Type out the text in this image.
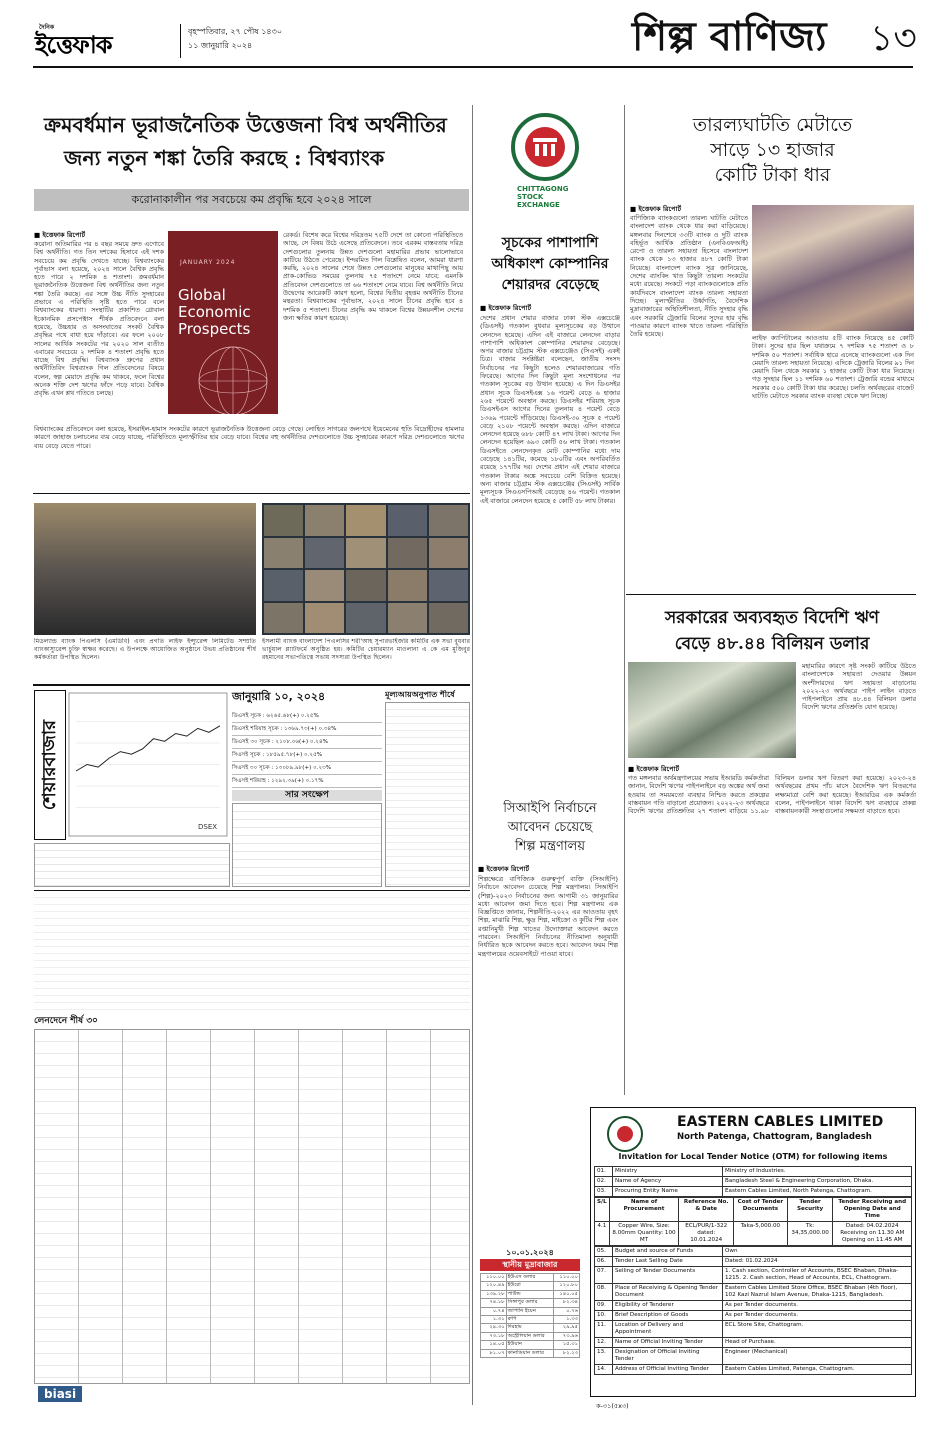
দৈনিক
ইত্তেফাক	বৃহস্পতিবার, ২৭ পৌষ ১৪৩০
১১ জানুয়ারি ২০২৪	শিল্প বাণিজ্য	১৩
ক্রমবর্ধমান ভূরাজনৈতিক উত্তেজনা বিশ্ব অর্থনীতির
জন্য নতুন শঙ্কা তৈরি করছে : বিশ্বব্যাংক
করোনাকালীন পর সবচেয়ে কম প্রবৃদ্ধি হবে ২০২৪ সালে
■ ইত্তেফাক রিপোর্ট
করোনা অতিমারির পর ৪ বছর সময়ে দ্রুত এগোবে বিশ্ব অর্থনীতি। গত তিন দশকের হিসাবে এই দশক সবচেয়ে কম প্রবৃদ্ধি দেখতে যাচ্ছে। বিশ্বব্যাংকের পূর্বাভাস বলা হয়েছে, ২০২৪ সালে বৈশ্বিক প্রবৃদ্ধি হতে পারে ২ দশমিক ৪ শতাংশ। ক্রমবর্ধমান ভূরাজনৈতিক উত্তেজনা বিশ্ব অর্থনীতির জন্য নতুন শঙ্কা তৈরি করছে। এর সঙ্গে উচ্চ নীতি সুদহারের প্রভাবে এ পরিস্থিতি সৃষ্টি হতে পারে বলে বিশ্বব্যাংকের ধারণা। সংস্থাটির প্রকাশিত গ্লোবাল ইকোনমিক প্রসপেক্টাস শীর্ষক প্রতিবেদনে বলা হয়েছে, উচ্চহার ও অসংঘাতের সংকট বৈশ্বিক প্রবৃদ্ধির পথে বাধা হয়ে দাঁড়াবে। এর ফলে ২০০৮ সালের আর্থিক সংকটের পর ২০২০ সাল ব্যতীত এবারের সবচেয়ে ২ দশমিক ৪ শতাংশ প্রবৃদ্ধি হতে যাচ্ছে বিশ্ব প্রবৃদ্ধি। বিশ্বব্যাংক গ্রুপের প্রধান অর্থনীতিবিদ বিশ্বব্যাংক গিল প্রতিবেদনের বিষয়ে বলেন, স্বল্প মেয়াদে প্রবৃদ্ধি কম থাকবে, ফলে বিশ্বের অনেক শক্তি দেশ ঋণের ফাঁদে পড়ে যাবে। বৈশ্বিক প্রবৃদ্ধি এখন শ্লথ গতিতে চলছে।
JANUARY 2024
Global
Economic
Prospects
রেকর্ড। বিশেষ করে বিশ্বের দরিদ্রতম ৭৫টি দেশে তা কোনো পরিস্থিতিতে আছে, সে বিষয় উঠে এসেছে প্রতিবেদনে। তবে এরকম বাস্তবতায় দরিদ্র দেশগুলোর তুলনায় উন্নত দেশগুলো মহামারির প্রভাব ভালোভাবে কাটিয়ে উঠতে পেরেছে। ইন্দরমিত গিল বিশ্লেষিত বলেন, আমরা ধারণা করছি, ২০২৪ সালের শেষে উন্নত দেশগুলোর মানুষের মাথাপিছু আয় প্রাক-কোভিড সময়ের তুলনায় ৭৫ শতাংশে নেমে যাবে; এমনকি প্রতিবেদন দেশগুলোতে তা ৬৬ শতাংশে নেমে যাবে। বিশ্ব অর্থনীতি নিয়ে উদ্বেগের আরেকটি কারণ হলো, বিশ্বের দ্বিতীয় বৃহত্তম অর্থনীতি চীনের মন্থরতা। বিশ্বব্যাংকের পূর্বাভাস, ২০২৪ সালে চীনের প্রবৃদ্ধি হবে ৪ দশমিক ৫ শতাংশ। চীনের প্রবৃদ্ধি কম থাকলে বিশ্বের উন্নয়নশীল দেশের জন্য ক্ষতির কারণ হয়েছে।
বিশ্বব্যাংকের প্রতিবেদনে বলা হয়েছে, ইসরাইল-হামাস সংকটের কারণে ভূরাজনৈতিক উত্তেজনা বেড়ে গেছে। লোহিত সাগরের জলপথে ইয়েমেনের হুতি বিদ্রোহীদের হামলার কারণে জাহাজ চলাচলের ব্যয় বেড়ে যাচ্ছে, পরিস্থিতিতে মূল্যস্ফীতির হার বেড়ে যাবে। বিশ্বের বহু অর্থনীতির দেশগুলোতে উচ্চ সুদহারের কারণে দরিদ্র দেশগুলোতে ঋণের ব্যয় বেড়ে যেতে পারে।
CHITTAGONG STOCK EXCHANGE
সূচকের পাশাপাশি অধিকাংশ কোম্পানির শেয়ারদর বেড়েছে
■ ইত্তেফাক রিপোর্ট
দেশের প্রধান শেয়ার বাজার ঢাকা স্টক এক্সচেঞ্জে (ডিএসই) গতকাল বুধবার মূল্যসূচকের বড় উত্থানে লেনদেন হয়েছে। এদিন এই বাজারে লেনদেন বাড়ার পাশাপাশি অধিকাংশ কোম্পানির শেয়ারদর বেড়েছে। অপর বাজার চট্টগ্রাম স্টক এক্সচেঞ্জেও (সিএসই) একই চিত্র। বাজার সংশ্লিষ্টরা বলেছেন, জাতীয় সংসদ নির্বাচনের পর কিছুটা হলেও শেয়ারবাজারের গতি ফিরেছে। আগের দিন কিছুটা মূল্য সংশোধনের পর গতকাল সূচকের বড় উত্থান হয়েছে। এ দিন ডিএসইর প্রধান সূচক ডিএসইএক্স ১৬ পয়েন্ট বেড়ে ৬ হাজার ২৬৫ পয়েন্টে অবস্থান করছে। ডিএসইর শরিয়াহ সূচক ডিএসইএস আগের দিনের তুলনায় ৪ পয়েন্ট বেড়ে ১৩৬৯ পয়েন্টে দাঁড়িয়েছে। ডিএসই-৩০ সূচক ৫ পয়েন্ট বেড়ে ২১০৮ পয়েন্টে অবস্থান করছে। এদিন বাজারে লেনদেন হয়েছে ৬৮৮ কোটি ৪৭ লাখ টাকা। আগের দিন লেনদেন হয়েছিল ৬৯৩ কোটি ৫৬ লাখ টাকা। গতকাল ডিএসইতে লেনদেনকৃত মোট কোম্পানির মধ্যে দাম বেড়েছে ১৪১টির, কমেছে ১৮০টির এবং অপরিবর্তিত রয়েছে ১৭৭টির দর। দেশের প্রধান এই শেয়ার বাজারে গতকাল টাকার অঙ্কে সবচেয়ে বেশি বিক্রিত হয়েছে। অন্য বাজার চট্টগ্রাম স্টক এক্সচেঞ্জের (সিএসই) সার্বিক মূল্যসূচক সিএএসপিআই বেড়েছে ৪৬ পয়েন্ট। গতকাল এই বাজারে লেনদেন হয়েছে ৫ কোটি ৫৮ লাখ টাকার।
তারল্যঘাটতি মেটাতে
সাড়ে ১৩ হাজার
কোটি টাকা ধার
■ ইত্তেফাক রিপোর্ট
বাণিজ্যিক ব্যাংকগুলো তারল্য ঘাটতি মেটাতে বাংলাদেশ ব্যাংক থেকে ধার করা বাড়িয়েছে। মঙ্গলবার দিনশেষে ৩৩টি ব্যাংক ও দুটি ব্যাংক বহির্ভূত আর্থিক প্রতিষ্ঠান (এনবিএফআই) রেপো ও তারল্য সহায়তা হিসেবে বাংলাদেশ ব্যাংক থেকে ১৩ হাজার ৪৮৭ কোটি টাকা নিয়েছে। বাংলাদেশ ব্যাংক সূত্র জানিয়েছে, দেশের ব্যাংকিং খাত কিছুটা তারল্য সংকটের মধ্যে রয়েছে। সংকটে পড়া ব্যাংকগুলোকে প্রতি কার্যদিবসে বাংলাদেশ ব্যাংক তারল্য সহায়তা দিচ্ছে। মূল্যস্ফীতির উর্ধ্বগতি, বৈদেশিক মুদ্রাবাজারের অস্থিতিশীলতা, নীতি সুদহার বৃদ্ধি এবং সরকারি ট্রেজারি বিলের সুদের হার বৃদ্ধি পাওয়ার কারণে ব্যাংক খাতে তারল্য পরিস্থিতি তৈরি হয়েছে।	লাইফ ক্যাপিটালের আওতায় ৫টি ব্যাংক নিয়েছে ৪৫ কোটি টাকা। সুদের হার ছিল যথাক্রমে ৭ দশমিক ৭৫ শতাংশ ও ৮ দশমিক ৫০ শতাংশ। সর্বাধিক হারে এনেছে ব্যাংকগুলো এক দিন মেয়াদি তারল্য সহায়তা নিয়েছে। এদিকে ট্রেজারি বিলের ৯১ দিন মেয়াদি বিল থেকে সরকার ১ হাজার কোটি টাকা ধার নিয়েছে। গড় সুদহার ছিল ১১ দশমিক ৬০ শতাংশ। ট্রেজারি বন্ডের মাধ্যমে সরকার ৫০০ কোটি টাকা ধার করেছে। চলতি অর্থবছরের বাজেট ঘাটতি মেটাতে সরকার ব্যাংক ব্যবস্থা থেকে ঋণ নিচ্ছে।
মিডল্যান্ড ব্যাংক পিএলসি (এমডিবি) এবং প্রগতি লাইফ ইন্স্যুরেন্স লিমিটেড সম্প্রতি ব্যাংকাস্যুরেন্স চুক্তি স্বাক্ষর করেছে। এ উপলক্ষে আয়োজিত অনুষ্ঠানে উভয় প্রতিষ্ঠানের শীর্ষ কর্মকর্তারা উপস্থিত ছিলেন।
ইসলামী ব্যাংক বাংলাদেশ পিএলসির শরী'আহ সুপারভাইজরি কমিটির এক সভা বুধবার ভার্চুয়াল প্ল্যাটফর্মে অনুষ্ঠিত হয়। কমিটির চেয়ারম্যান মাওলানা এ কে এম মুজিবুর রহমানের সভাপতিত্বে সভায় সদস্যরা উপস্থিত ছিলেন।
শেয়ারবাজার
DSEX
জানুয়ারি ১০, ২০২৪
ডিএসই সূচক : ৬২৬৫.৬৮(+) ০.২৫%
ডিএসই শরিয়াহ সূচক : ১৩৬৯.৭৩(+) ০.৩৪%
ডিএসই ৩০ সূচক : ২১০৮.০৬(+) ০.২৪%
সিএসই সূচক : ১৮৫৯৫.৭৮(+) ০.২৫%
সিএসই ৩০ সূচক : ১৩০৮৯.৯৮(+) ০.২৩%
সিএসই শরিয়াহ : ১২৯২.৩৯(+) ০.১৭%
মূল্যআয়অনুপাত শীর্ষে
সার সংক্ষেপ
লেনদেনে শীর্ষ ৩০
biasi
সরকারের অব্যবহৃত বিদেশি ঋণ
বেড়ে ৪৮.৪৪ বিলিয়ন ডলার
মহামারির কারণে সৃষ্ট সংকট কাটিয়ে উঠতে বাংলাদেশকে সহায়তা দেওয়ার উন্নয়ন অংশীদারদের ঋণ সহায়তা বাড়ানোয় ২০২২-২৩ অর্থবছরে পাইপ লাইন বাড়তে পাইপলাইনে প্রায় ৪৮.৪৪ বিলিয়ন ডলার বিদেশি ঋণের প্রতিশ্রুতি যোগ হয়েছে।
■ ইত্তেফাক রিপোর্ট
গত মঙ্গলবার অর্থমন্ত্রণালয়ের সভায় ইআরডি কর্মকর্তারা জানান, বিদেশি ঋণের পাইপলাইনে বড় অঙ্কের অর্থ জমা হওয়ায় তা সময়মতো ব্যবহার নিশ্চিত করতে প্রকল্পের বাস্তবায়ন গতি বাড়ানো প্রয়োজন। ২০২২-২৩ অর্থবছরে বিদেশি ঋণের প্রতিশ্রুতির ২৭ শতাংশ বাড়িয়ে ১১.৯৮ বিলিয়ন ডলার ঋণ বিতরণ করা হয়েছে। ২০২৩-২৪ অর্থবছরের প্রথম পাঁচ মাসে বৈদেশিক ঋণ বিতরণের লক্ষ্যমাত্রা বেশি করা হয়েছে। ইআরডির এক কর্মকর্তা বলেন, পাইপলাইনে থাকা বিদেশি ঋণ ব্যবহারে প্রকল্প বাস্তবায়নকারী সংস্থাগুলোর সক্ষমতা বাড়াতে হবে।
সিআইপি নির্বাচনে
আবেদন চেয়েছে
শিল্প মন্ত্রণালয়
■ ইত্তেফাক রিপোর্ট
শিল্পক্ষেত্রে বাণিজ্যিক গুরুত্বপূর্ণ ব্যক্তি (সিআইপি) নির্বাচনে আবেদন চেয়েছে শিল্প মন্ত্রণালয়। সিআইপি (শিল্প)-২০২৩ নির্বাচনের জন্য আগামী ৩১ জানুয়ারির মধ্যে আবেদন জমা দিতে হবে। শিল্প মন্ত্রণালয় এক বিজ্ঞপ্তিতে জানায়, শিল্পনীতি-২০২২ এর আওতায় বৃহৎ শিল্প, মাঝারি শিল্প, ক্ষুদ্র শিল্প, মাইক্রো ও কুটির শিল্প এবং রপ্তানিমুখী শিল্প খাতের উদ্যোক্তারা আবেদন করতে পারবেন। সিআইপি নির্বাচনের নীতিমালা অনুযায়ী নির্ধারিত ছকে আবেদন করতে হবে। আবেদন ফরম শিল্প মন্ত্রণালয়ের ওয়েবসাইটে পাওয়া যাবে।
১০.০১.২০২৪
স্থানীয় মুদ্রাবাজার
১১০.০০	ইউএস ডলার	১১০.০০
১২০.৪৯	ইউরো	১২০.৮০
১৩৯.২৮	পাউন্ড	১৪০.০৫
৭৪.১৮	সিঙ্গাপুর ডলার	৮২.৩৪
০.৭৪	জাপানি ইয়েন	০.৭৬
১.৩১	রুপি	১.৩৩
২৯.৩০	দিরহাম	২৯.৯৫
৭৩.১৮	অস্ট্রেলিয়ান ডলার	৭৩.৯৬
১৪.০৫	ইউয়ান	১৫.৩১
৮১.০৭	কানাডিয়ান ডলার	৮২.২৩
EASTERN CABLES LIMITED
North Patenga, Chattogram, Bangladesh
Invitation for Local Tender Notice (OTM) for following items
01.	Ministry	Ministry of Industries.
02.	Name of Agency	Bangladesh Steel & Engineering Corporation, Dhaka.
03.	Procuring Entity Name	Eastern Cables Limited, North Patenga, Chattogram.
S/L	Name of Procurement	Reference No. & Date	Cost of Tender Documents	Tender Security	Tender Receiving and Opening Date and Time
4.1	Copper Wire, Size: 8.00mm Quantity: 100 MT	ECL/PUR/1-322 dated: 10.01.2024	Taka-5,000.00	Tk: 34,35,000.00	Dated: 04.02.2024 Receiving on 11.30 AM Opening on 11.45 AM
05.	Budget and source of Funds	Own
06.	Tender Last Selling Date	Dated: 01.02.2024
07.	Selling of Tender Documents	1. Cash section, Controller of Accounts, BSEC Bhaban, Dhaka-1215. 2. Cash section, Head of Accounts, ECL, Chattogram.
08.	Place of Receiving & Opening Tender Document	Eastern Cables Limited Store Office, BSEC Bhaban (4th floor), 102 Kazi Nazrul Islam Avenue, Dhaka-1215, Bangladesh.
09.	Eligibility of Tenderer	As per Tender documents.
10.	Brief Description of Goods	As per Tender documents.
11.	Location of Delivery and Appointment	ECL Store Site, Chattogram.
12.	Name of Official Inviting Tender	Head of Purchase.
13.	Designation of Official Inviting Tender	Engineer (Mechanical)
14.	Address of Official Inviting Tender	Eastern Cables Limited, Patenga, Chattogram.
ক-৩১(৫x৩)
